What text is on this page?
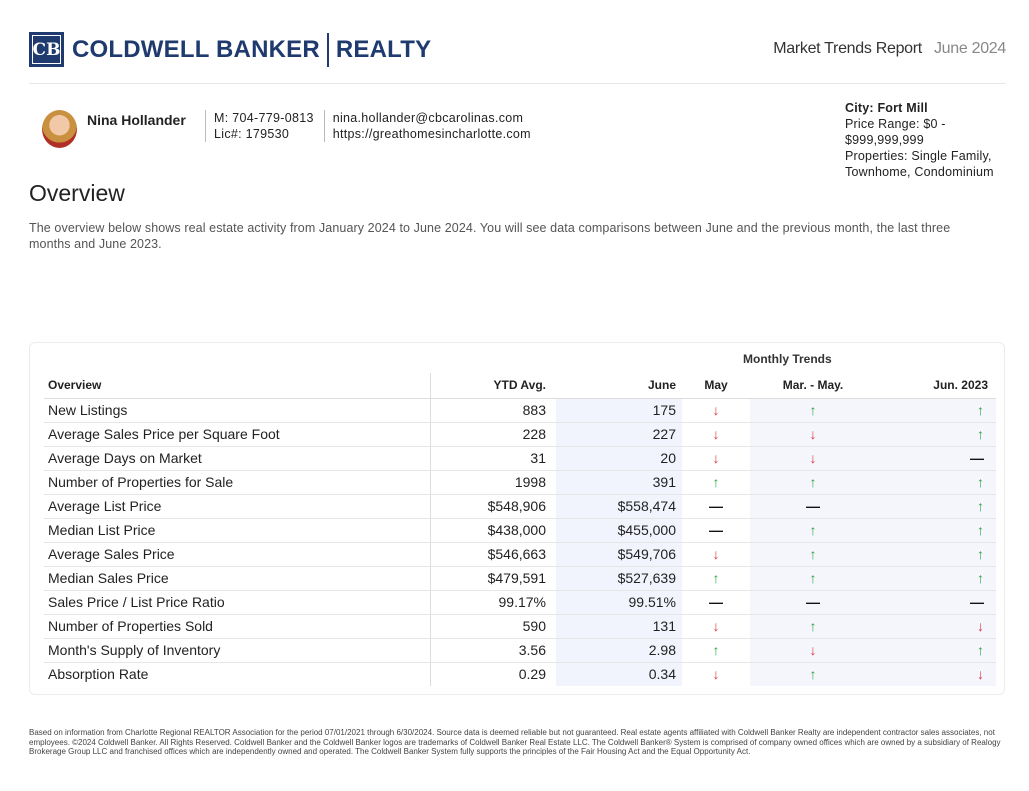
CB COLDWELL BANKER REALTY	Market Trends Report June 2024
Nina Hollander	M: 704-779-0813
Lic#: 179530
nina.hollander@cbcarolinas.com
https://greathomesincharlotte.com
City: Fort Mill
Price Range: $0 - $999,999,999
Properties: Single Family, Townhome, Condominium
Overview

The overview below shows real estate activity from January 2024 to June 2024. You will see data comparisons between June and the previous month, the last three months and June 2023.

Monthly Trends
Overview	YTD Avg.	June	May	Mar. - May.	Jun. 2023
New Listings	883	175	↓	↑	↑
Average Sales Price per Square Foot	228	227	↓	↓	↑
Average Days on Market	31	20	↓	↓	—
Number of Properties for Sale	1998	391	↑	↑	↑
Average List Price	$548,906	$558,474	—	—	↑
Median List Price	$438,000	$455,000	—	↑	↑
Average Sales Price	$546,663	$549,706	↓	↑	↑
Median Sales Price	$479,591	$527,639	↑	↑	↑
Sales Price / List Price Ratio	99.17%	99.51%	—	—	—
Number of Properties Sold	590	131	↓	↑	↓
Month's Supply of Inventory	3.56	2.98	↑	↓	↑
Absorption Rate	0.29	0.34	↓	↑	↓
Based on information from Charlotte Regional REALTOR Association for the period 07/01/2021 through 6/30/2024. Source data is deemed reliable but not guaranteed. Real estate agents affiliated with Coldwell Banker Realty are independent contractor sales associates, not employees. ©2024 Coldwell Banker. All Rights Reserved. Coldwell Banker and the Coldwell Banker logos are trademarks of Coldwell Banker Real Estate LLC. The Coldwell Banker® System is comprised of company owned offices which are owned by a subsidiary of Realogy Brokerage Group LLC and franchised offices which are independently owned and operated. The Coldwell Banker System fully supports the principles of the Fair Housing Act and the Equal Opportunity Act.
